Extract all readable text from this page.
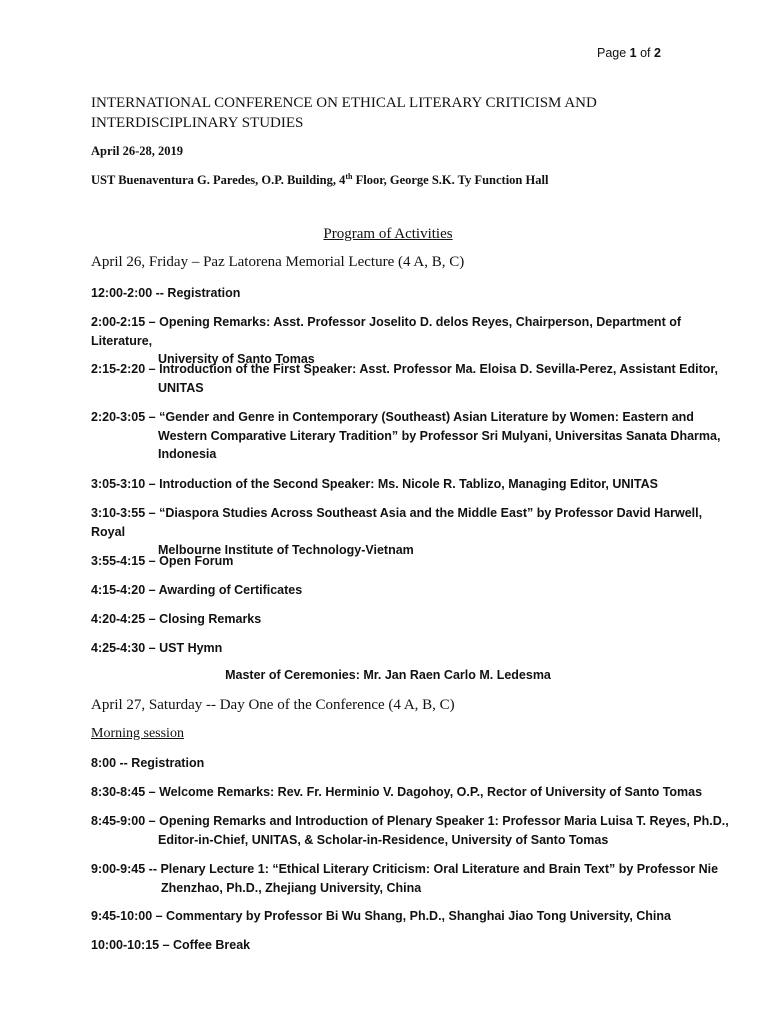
Page 1 of 2
INTERNATIONAL CONFERENCE ON ETHICAL LITERARY CRITICISM AND
INTERDISCIPLINARY STUDIES
April 26-28, 2019
UST Buenaventura G. Paredes, O.P. Building, 4th Floor, George S.K. Ty Function Hall
Program of Activities
April 26, Friday – Paz Latorena Memorial Lecture (4 A, B, C)
12:00-2:00 -- Registration
2:00-2:15 – Opening Remarks: Asst. Professor Joselito D. delos Reyes, Chairperson, Department of Literature,
University of Santo Tomas
2:15-2:20 – Introduction of the First Speaker: Asst. Professor Ma. Eloisa D. Sevilla-Perez, Assistant Editor,
UNITAS
2:20-3:05 – “Gender and Genre in Contemporary (Southeast) Asian Literature by Women: Eastern and
Western Comparative Literary Tradition” by Professor Sri Mulyani, Universitas Sanata Dharma,
Indonesia
3:05-3:10 – Introduction of the Second Speaker: Ms. Nicole R. Tablizo, Managing Editor, UNITAS
3:10-3:55 – “Diaspora Studies Across Southeast Asia and the Middle East” by Professor David Harwell, Royal
Melbourne Institute of Technology-Vietnam
3:55-4:15 – Open Forum
4:15-4:20 – Awarding of Certificates
4:20-4:25 – Closing Remarks
4:25-4:30 – UST Hymn
Master of Ceremonies: Mr. Jan Raen Carlo M. Ledesma
April 27, Saturday -- Day One of the Conference (4 A, B, C)
Morning session
8:00 -- Registration
8:30-8:45 – Welcome Remarks: Rev. Fr. Herminio V. Dagohoy, O.P., Rector of University of Santo Tomas
8:45-9:00 – Opening Remarks and Introduction of Plenary Speaker 1: Professor Maria Luisa T. Reyes, Ph.D.,
Editor-in-Chief, UNITAS, & Scholar-in-Residence, University of Santo Tomas
9:00-9:45 -- Plenary Lecture 1: “Ethical Literary Criticism: Oral Literature and Brain Text” by Professor Nie
Zhenzhao, Ph.D., Zhejiang University, China
9:45-10:00 – Commentary by Professor Bi Wu Shang, Ph.D., Shanghai Jiao Tong University, China
10:00-10:15 – Coffee Break
